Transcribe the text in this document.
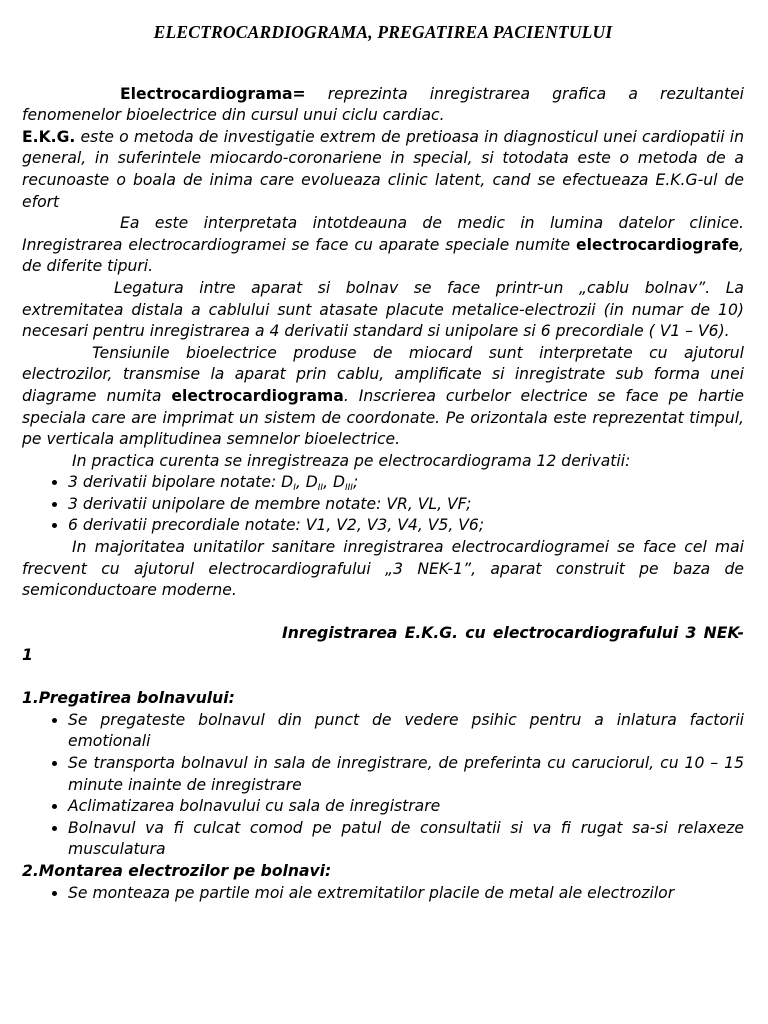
ELECTROCARDIOGRAMA, PREGATIREA PACIENTULUI

Electrocardiograma= reprezinta inregistrarea grafica a rezultantei fenomenelor bioelectrice din cursul unui ciclu cardiac.

E.K.G. este o metoda de investigatie extrem de pretioasa in diagnosticul unei cardiopatii in general, in suferintele miocardo-coronariene in special, si totodata este o metoda de a recunoaste o boala de inima care evolueaza clinic latent, cand se efectueaza E.K.G-ul de efort

Ea este interpretata intotdeauna de medic in lumina datelor clinice. Inregistrarea electrocardiogramei se face cu aparate speciale numite electrocardiografe, de diferite tipuri.

Legatura intre aparat si bolnav se face printr-un „cablu bolnav”. La extremitatea distala a cablului sunt atasate placute metalice-electrozii (in numar de 10) necesari pentru inregistrarea a 4 derivatii standard si unipolare si 6 precordiale ( V1 – V6).

Tensiunile bioelectrice produse de miocard sunt interpretate cu ajutorul electrozilor, transmise la aparat prin cablu, amplificate si inregistrate sub forma unei diagrame numita electrocardiograma. Inscrierea curbelor electrice se face pe hartie speciala care are imprimat un sistem de coordonate. Pe orizontala este reprezentat timpul, pe verticala amplitudinea semnelor bioelectrice.

In practica curenta se inregistreaza pe electrocardiograma 12 derivatii:

• 3 derivatii bipolare notate: $D_I$, $D_{II}$, $D_{III}$;
• 3 derivatii unipolare de membre notate: VR, VL, VF;
• 6 derivatii precordiale notate: V1, V2, V3, V4, V5, V6;

In majoritatea unitatilor sanitare inregistrarea electrocardiogramei se face cel mai frecvent cu ajutorul electrocardiografului „3 NEK-1”, aparat construit pe baza de semiconductoare moderne.

Inregistrarea E.K.G. cu electrocardiografului 3 NEK-1

1.Pregatirea bolnavului:

• Se pregateste bolnavul din punct de vedere psihic pentru a inlatura factorii emotionali
• Se transporta bolnavul in sala de inregistrare, de preferinta cu caruciorul, cu 10 – 15 minute inainte de inregistrare
• Aclimatizarea bolnavului cu sala de inregistrare
• Bolnavul va fi culcat comod pe patul de consultatii si va fi rugat sa-si relaxeze musculatura

2.Montarea electrozilor pe bolnavi:

• Se monteaza pe partile moi ale extremitatilor placile de metal ale electrozilor
